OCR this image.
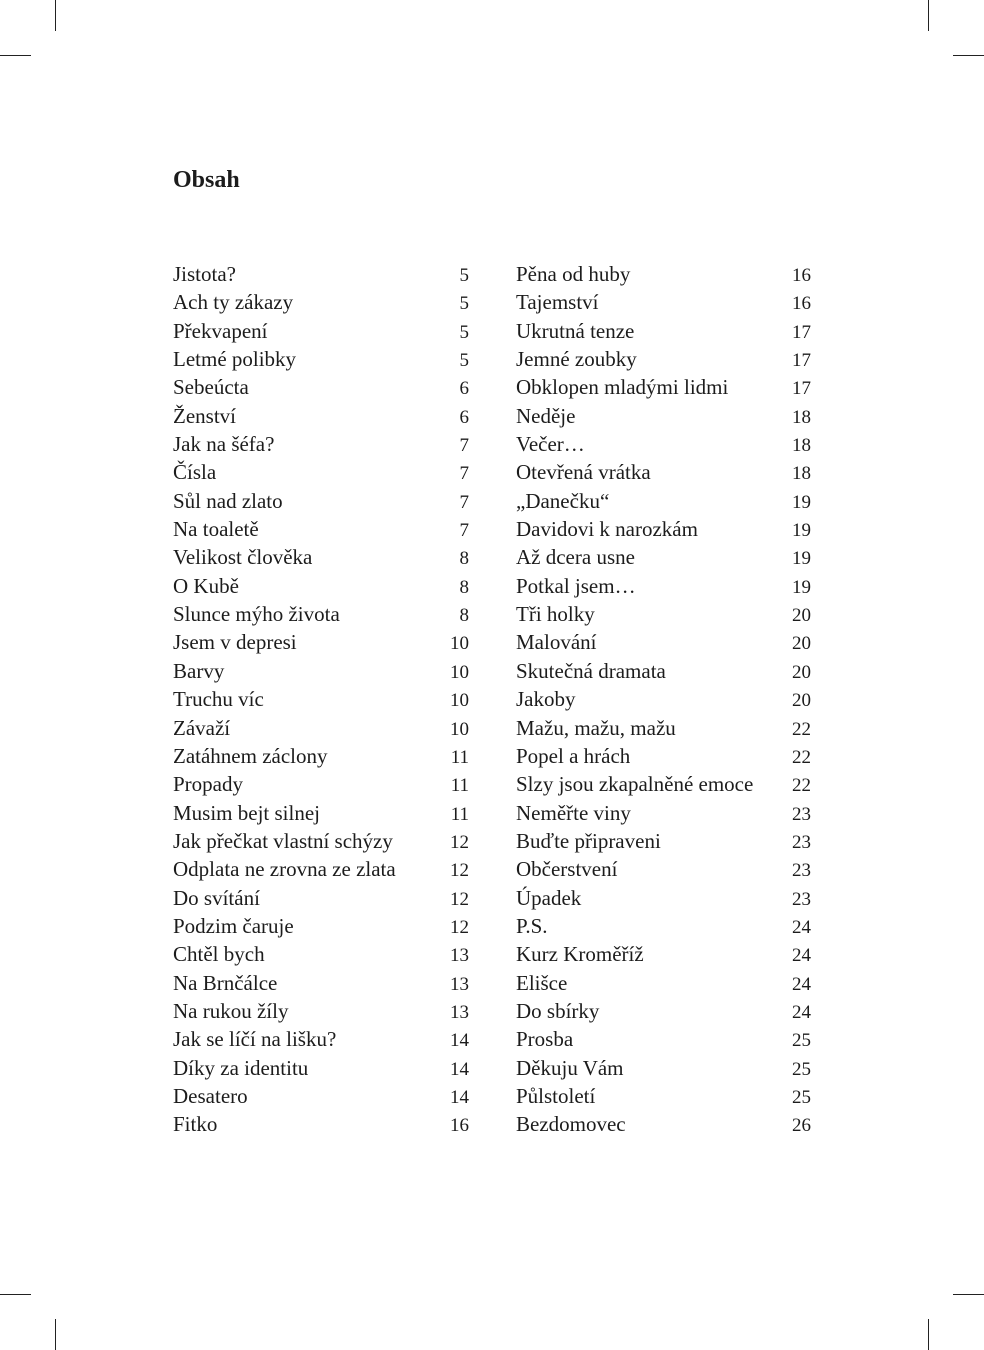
Obsah
Jistota?	5
Ach ty zákazy	5
Překvapení	5
Letmé polibky	5
Sebeúcta	6
Ženství	6
Jak na šéfa?	7
Čísla	7
Sůl nad zlato	7
Na toaletě	7
Velikost člověka	8
O Kubě	8
Slunce mýho života	8
Jsem v depresi	10
Barvy	10
Truchu víc	10
Závaží	10
Zatáhnem záclony	11
Propady	11
Musim bejt silnej	11
Jak přečkat vlastní schýzy	12
Odplata ne zrovna ze zlata	12
Do svítání	12
Podzim čaruje	12
Chtěl bych	13
Na Brnčálce	13
Na rukou žíly	13
Jak se líčí na lišku?	14
Díky za identitu	14
Desatero	14
Fitko	16
Pěna od huby	16
Tajemství	16
Ukrutná tenze	17
Jemné zoubky	17
Obklopen mladými lidmi	17
Neděje	18
Večer…	18
Otevřená vrátka	18
„Danečku“	19
Davidovi k narozkám	19
Až dcera usne	19
Potkal jsem…	19
Tři holky	20
Malování	20
Skutečná dramata	20
Jakoby	20
Mažu, mažu, mažu	22
Popel a hrách	22
Slzy jsou zkapalněné emoce 22
Neměřte viny	23
Buďte připraveni	23
Občerstvení	23
Úpadek	23
P.S.	24
Kurz Kroměříž	24
Elišce	24
Do sbírky	24
Prosba	25
Děkuju Vám	25
Půlstoletí	25
Bezdomovec	26
